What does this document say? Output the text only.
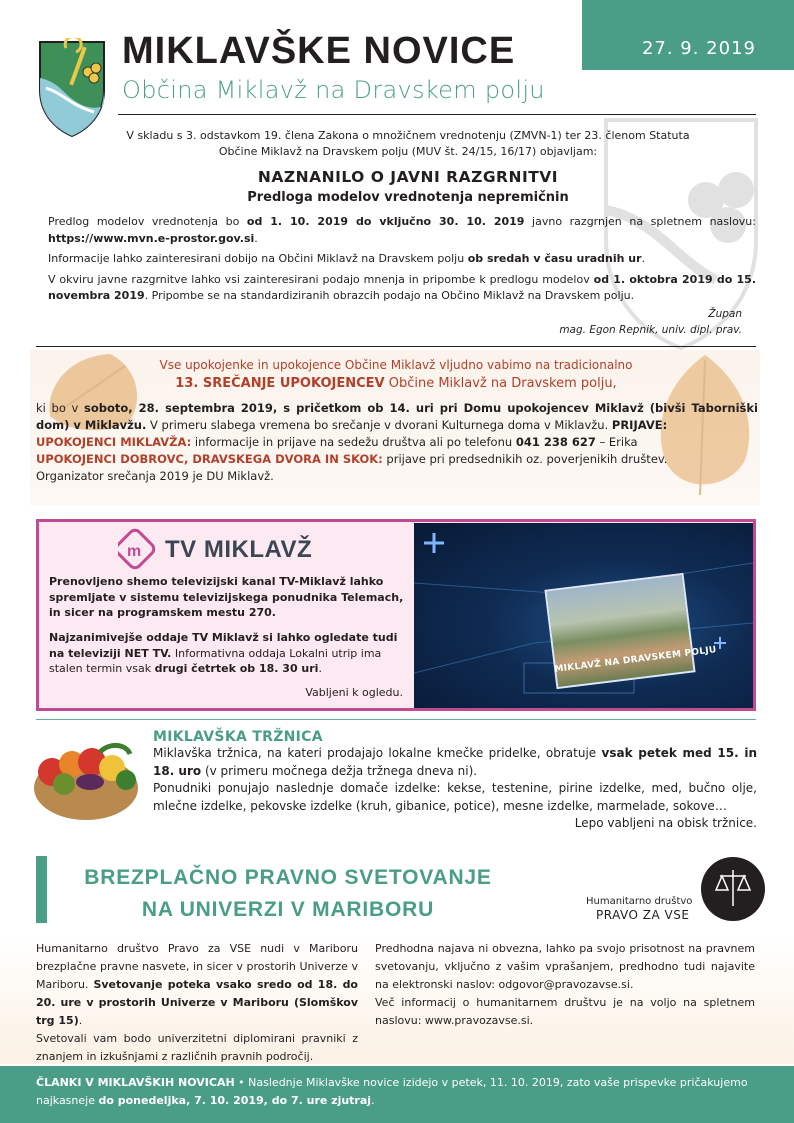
MIKLAVŠKE NOVICE
Občina Miklavž na Dravskem polju
27. 9. 2019
V skladu s 3. odstavkom 19. člena Zakona o množičnem vrednotenju (ZMVN-1) ter 23. členom Statuta Občine Miklavž na Dravskem polju (MUV št. 24/15, 16/17) objavljam:
NAZNANILO O JAVNI RAZGRNITVI
Predloga modelov vrednotenja nepremičnin

Predlog modelov vrednotenja bo od 1. 10. 2019 do vključno 30. 10. 2019 javno razgrnjen na spletnem naslovu: https://www.mvn.e-prostor.gov.si.

Informacije lahko zainteresirani dobijo na Občini Miklavž na Dravskem polju ob sredah v času uradnih ur.

V okviru javne razgrnitve lahko vsi zainteresirani podajo mnenja in pripombe k predlogu modelov od 1. oktobra 2019 do 15. novembra 2019. Pripombe se na standardiziranih obrazcih podajo na Občino Miklavž na Dravskem polju.

Župan
mag. Egon Repnik, univ. dipl. prav.
Vse upokojenke in upokojence Občine Miklavž vljudno vabimo na tradicionalno
13. SREČANJE UPOKOJENCEV Občine Miklavž na Dravskem polju,
ki bo v soboto, 28. septembra 2019, s pričetkom ob 14. uri pri Domu upokojencev Miklavž (bivši Taborniški dom) v Miklavžu. V primeru slabega vremena bo srečanje v dvorani Kulturnega doma v Miklavžu. PRIJAVE:
UPOKOJENCI MIKLAVŽA: informacije in prijave na sedežu društva ali po telefonu 041 238 627 – Erika
UPOKOJENCI DOBROVC, DRAVSKEGA DVORA IN SKOK: prijave pri predsednikih oz. poverjenikih društev.
Organizator srečanja 2019 je DU Miklavž.
m TV MIKLAVŽ
Prenovljeno shemo televizijski kanal TV-Miklavž lahko spremljate v sistemu televizijskega ponudnika Telemach, in sicer na programskem mestu 270.
Najzanimivejše oddaje TV Miklavž si lahko ogledate tudi na televiziji NET TV. Informativna oddaja Lokalni utrip ima stalen termin vsak drugi četrtek ob 18. 30 uri.
Vabljeni k ogledu.
MIKLAVŽ NA DRAVSKEM POLJU
MIKLAVŠKA TRŽNICA
Miklavška tržnica, na kateri prodajajo lokalne kmečke pridelke, obratuje vsak petek med 15. in 18. uro (v primeru močnega dežja tržnega dneva ni).
Ponudniki ponujajo naslednje domače izdelke: kekse, testenine, pirine izdelke, med, bučno olje, mlečne izdelke, pekovske izdelke (kruh, gibanice, potice), mesne izdelke, marmelade, sokove…
Lepo vabljeni na obisk tržnice.
BREZPLAČNO PRAVNO SVETOVANJE
NA UNIVERZI V MARIBORU	Humanitarno društvo
PRAVO ZA VSE
Humanitarno društvo Pravo za VSE nudi v Mariboru brezplačne pravne nasvete, in sicer v prostorih Univerze v Mariboru. Svetovanje poteka vsako sredo od 18. do 20. ure v prostorih Univerze v Mariboru (Slomškov trg 15).
Svetovali vam bodo univerzitetni diplomirani pravniki z znanjem in izkušnjami z različnih pravnih področij.
Predhodna najava ni obvezna, lahko pa svojo prisotnost na pravnem svetovanju, vključno z vašim vprašanjem, predhodno tudi najavite na elektronski naslov: odgovor@pravozavse.si.
Več informacij o humanitarnem društvu je na voljo na spletnem naslovu: www.pravozavse.si.
ČLANKI V MIKLAVŠKIH NOVICAH • Naslednje Miklavške novice izidejo v petek, 11. 10. 2019, zato vaše prispevke pričakujemo najkasneje do ponedeljka, 7. 10. 2019, do 7. ure zjutraj.
